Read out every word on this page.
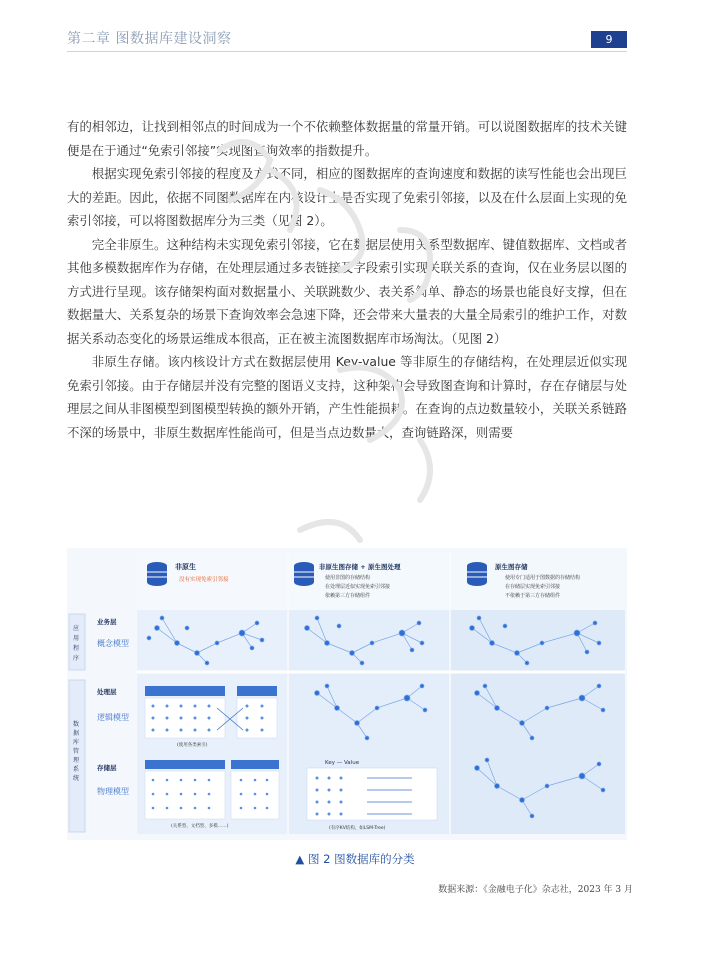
第二章 图数据库建设洞察	9

有的相邻边，让找到相邻点的时间成为一个不依赖整体数据量的常量开销。可以说图数据库的技术关键便是在于通过“免索引邻接”实现图查询效率的指数提升。

根据实现免索引邻接的程度及方式不同，相应的图数据库的查询速度和数据的读写性能也会出现巨大的差距。因此，依据不同图数据库在内核设计上是否实现了免索引邻接，以及在什么层面上实现的免索引邻接，可以将图数据库分为三类（见图 2）。

完全非原生。这种结构未实现免索引邻接，它在数据层使用关系型数据库、键值数据库、文档或者其他多模数据库作为存储，在处理层通过多表链接及字段索引实现关联关系的查询，仅在业务层以图的方式进行呈现。该存储架构面对数据量小、关联跳数少、表关系简单、静态的场景也能良好支撑，但在数据量大、关系复杂的场景下查询效率会急速下降，还会带来大量表的大量全局索引的维护工作，对数据关系动态变化的场景运维成本很高，正在被主流图数据库市场淘汰。（见图 2）

非原生存储。该内核设计方式在数据层使用 Key-value 等非原生的存储结构，在处理层近似实现免索引邻接。由于存储层并没有完整的图语义支持，这种架构会导致图查询和计算时，存在存储层与处理层之间从非图模型到图模型转换的额外开销，产生性能损耗。在查询的点边数量较小，关联关系链路不深的场景中，非原生数据库性能尚可，但是当点边数量大，查询链路深，则需要

非原生
没有实现免索引邻接
非原生图存储 + 原生图处理
使用非图的存储结构
在处理层近似实现免索引邻接
依赖第三方存储组件
原生图存储
使用专门适用于图数据的存储结构
在存储层实现免索引邻接
不依赖于第三方存储组件
应用程序
数据库管理系统
业务层
概念模型
处理层
逻辑模型
存储层
物理模型
(使用各类索引)
(关系型、文档型、多模……)
Key — Value
(有序KV结构，如LSM-Tree)
▲ 图 2 图数据库的分类
数据来源：《金融电子化》杂志社，2023 年 3 月
